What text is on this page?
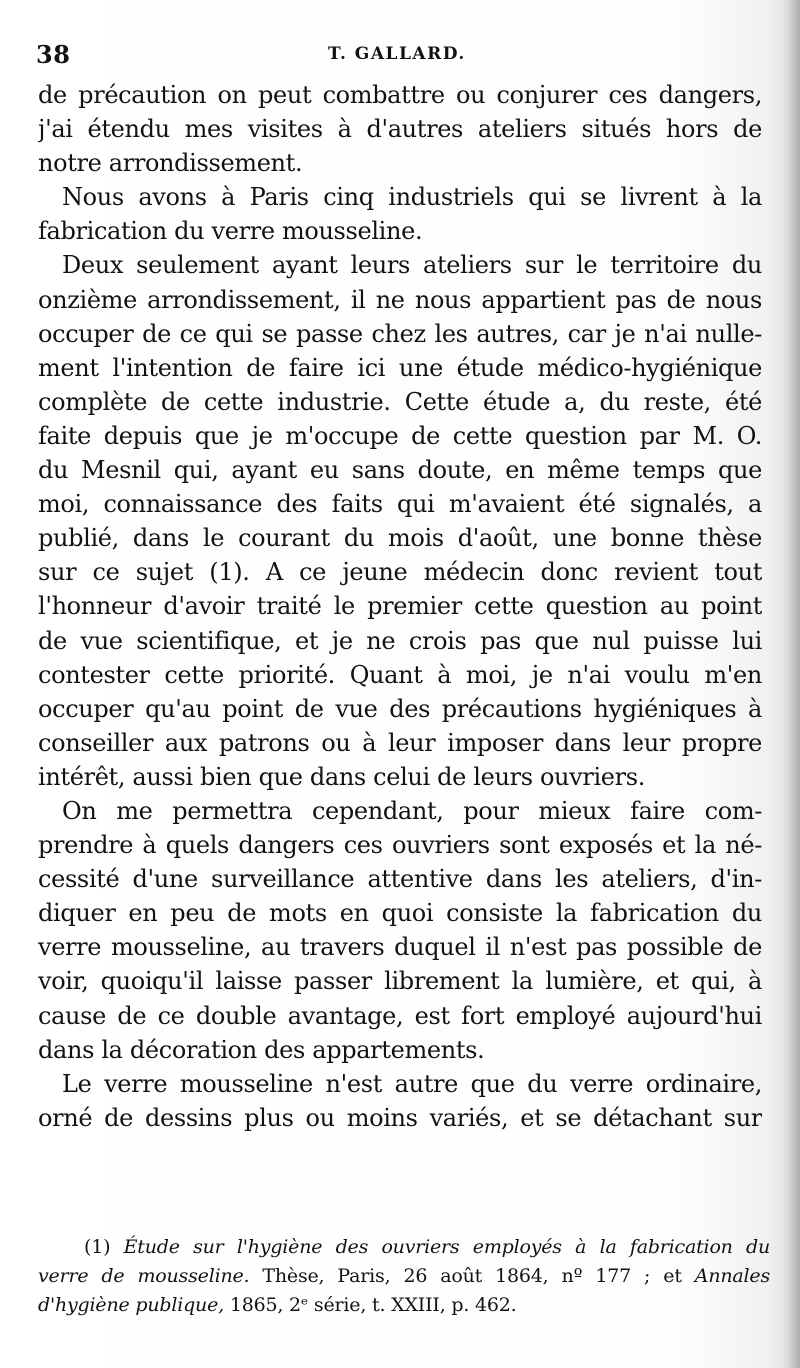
38	T. GALLARD.
de précaution on peut combattre ou conjurer ces dangers,
j'ai étendu mes visites à d'autres ateliers situés hors de
notre arrondissement.
Nous avons à Paris cinq industriels qui se livrent à la
fabrication du verre mousseline.
Deux seulement ayant leurs ateliers sur le territoire du
onzième arrondissement, il ne nous appartient pas de nous
occuper de ce qui se passe chez les autres, car je n'ai nulle-
ment l'intention de faire ici une étude médico-hygiénique
complète de cette industrie. Cette étude a, du reste, été
faite depuis que je m'occupe de cette question par M. O.
du Mesnil qui, ayant eu sans doute, en même temps que
moi, connaissance des faits qui m'avaient été signalés, a
publié, dans le courant du mois d'août, une bonne thèse
sur ce sujet (1). A ce jeune médecin donc revient tout
l'honneur d'avoir traité le premier cette question au point
de vue scientifique, et je ne crois pas que nul puisse lui
contester cette priorité. Quant à moi, je n'ai voulu m'en
occuper qu'au point de vue des précautions hygiéniques à
conseiller aux patrons ou à leur imposer dans leur propre
intérêt, aussi bien que dans celui de leurs ouvriers.
On me permettra cependant, pour mieux faire com-
prendre à quels dangers ces ouvriers sont exposés et la né-
cessité d'une surveillance attentive dans les ateliers, d'in-
diquer en peu de mots en quoi consiste la fabrication du
verre mousseline, au travers duquel il n'est pas possible de
voir, quoiqu'il laisse passer librement la lumière, et qui, à
cause de ce double avantage, est fort employé aujourd'hui
dans la décoration des appartements.
Le verre mousseline n'est autre que du verre ordinaire,
orné de dessins plus ou moins variés, et se détachant sur
(1) Étude sur l'hygiène des ouvriers employés à la fabrication du
verre de mousseline. Thèse, Paris, 26 août 1864, nº 177 ; et Annales
d'hygiène publique, 1865, 2ᵉ série, t. XXIII, p. 462.
